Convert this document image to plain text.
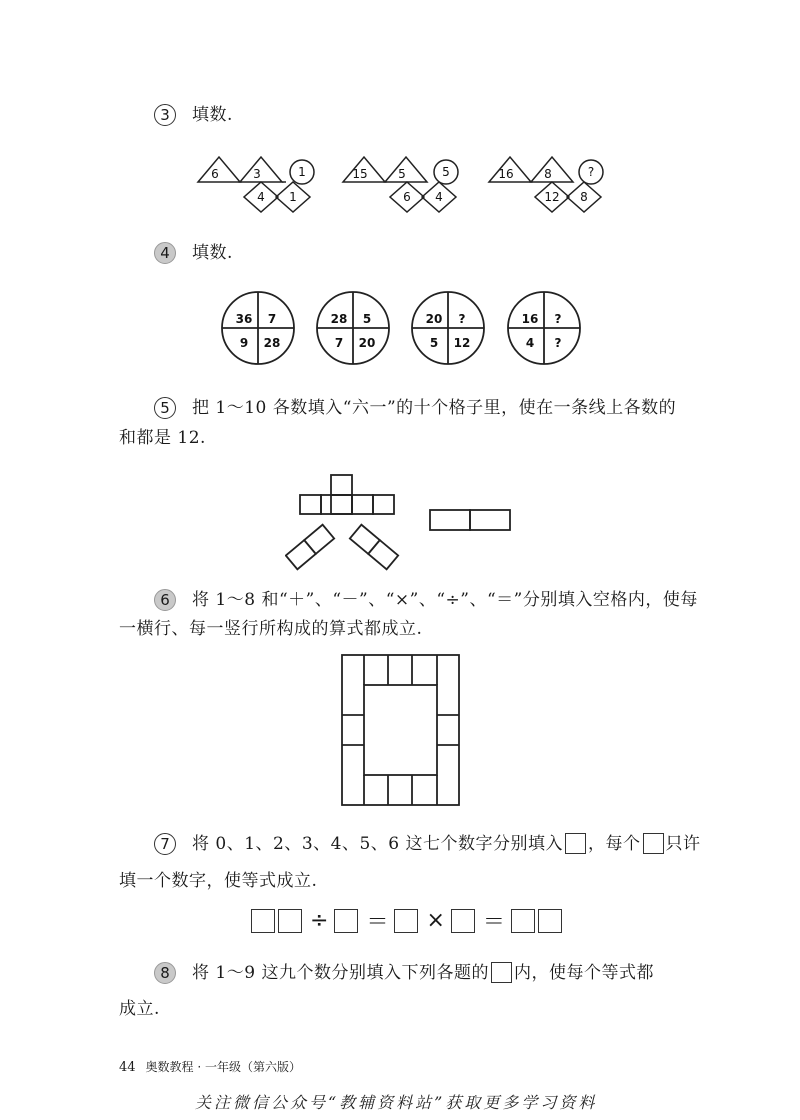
3	填数.
6	3
4 1
1	15	5
6 4
5	16	8
12 8
?
4	填数.
36 7
9 28
28 5
7 20
20 ?
5 12
16 ?
4 ?
5	把 1～10 各数填入“六一”的十个格子里，使在一条线上各数的
和都是 12.
6	将 1～8 和“＋”、“－”、“×”、“÷”、“＝”分别填入空格内，使每
一横行、每一竖行所构成的算式都成立.
7	将 0、1、2、3、4、5、6 这七个数字分别填入 ，每个 只许
填一个数字，使等式成立.
÷ ＝ × ＝
8	将 1～9 这九个数分别填入下列各题的 内，使每个等式都
成立.
44 奥数教程 · 一年级（第六版）
关注微信公众号“教辅资料站”获取更多学习资料
